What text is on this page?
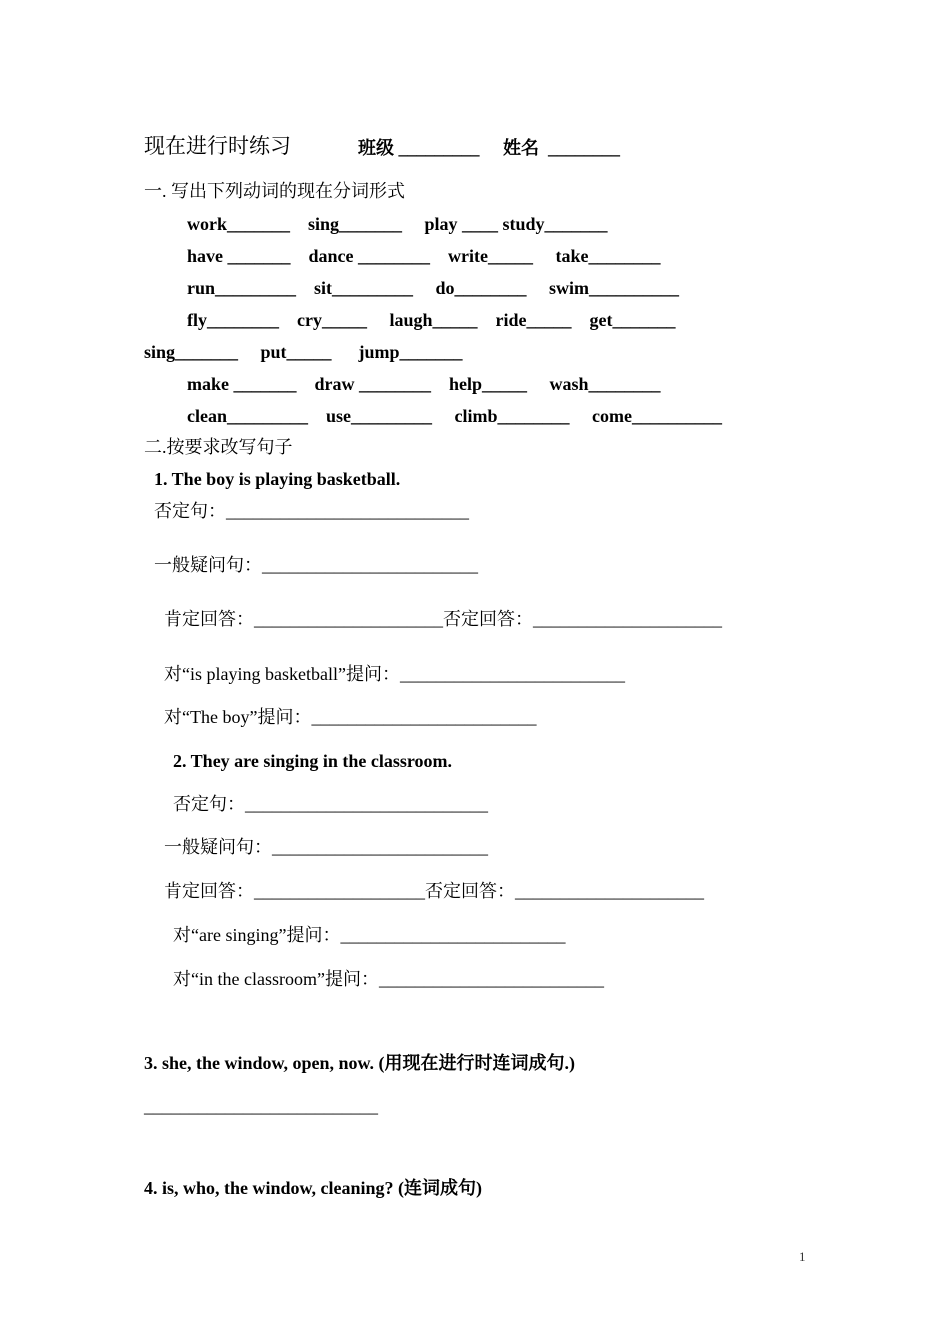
现在进行时练习	班级 _________ 姓名  ________
一. 写出下列动词的现在分词形式
work_______    sing_______     play ____ study_______
have _______    dance ________    write_____     take________
run_________    sit_________     do________     swim__________
fly________    cry_____     laugh_____    ride_____    get_______
sing_______     put_____      jump_______
make _______    draw ________    help_____     wash________
clean_________    use_________     climb________     come__________
二.按要求改写句子
1. The boy is playing basketball.
否定句：___________________________
一般疑问句：________________________
肯定回答：_____________________否定回答：_____________________
对“is playing basketball”提问：_________________________
对“The boy”提问：_________________________
2. They are singing in the classroom.
否定句：___________________________
一般疑问句：________________________
肯定回答：___________________否定回答：_____________________
对“are singing”提问：_________________________
对“in the classroom”提问：_________________________
3. she, the window, open, now. (用现在进行时连词成句.)
__________________________
4. is, who, the window, cleaning? (连词成句)
1
